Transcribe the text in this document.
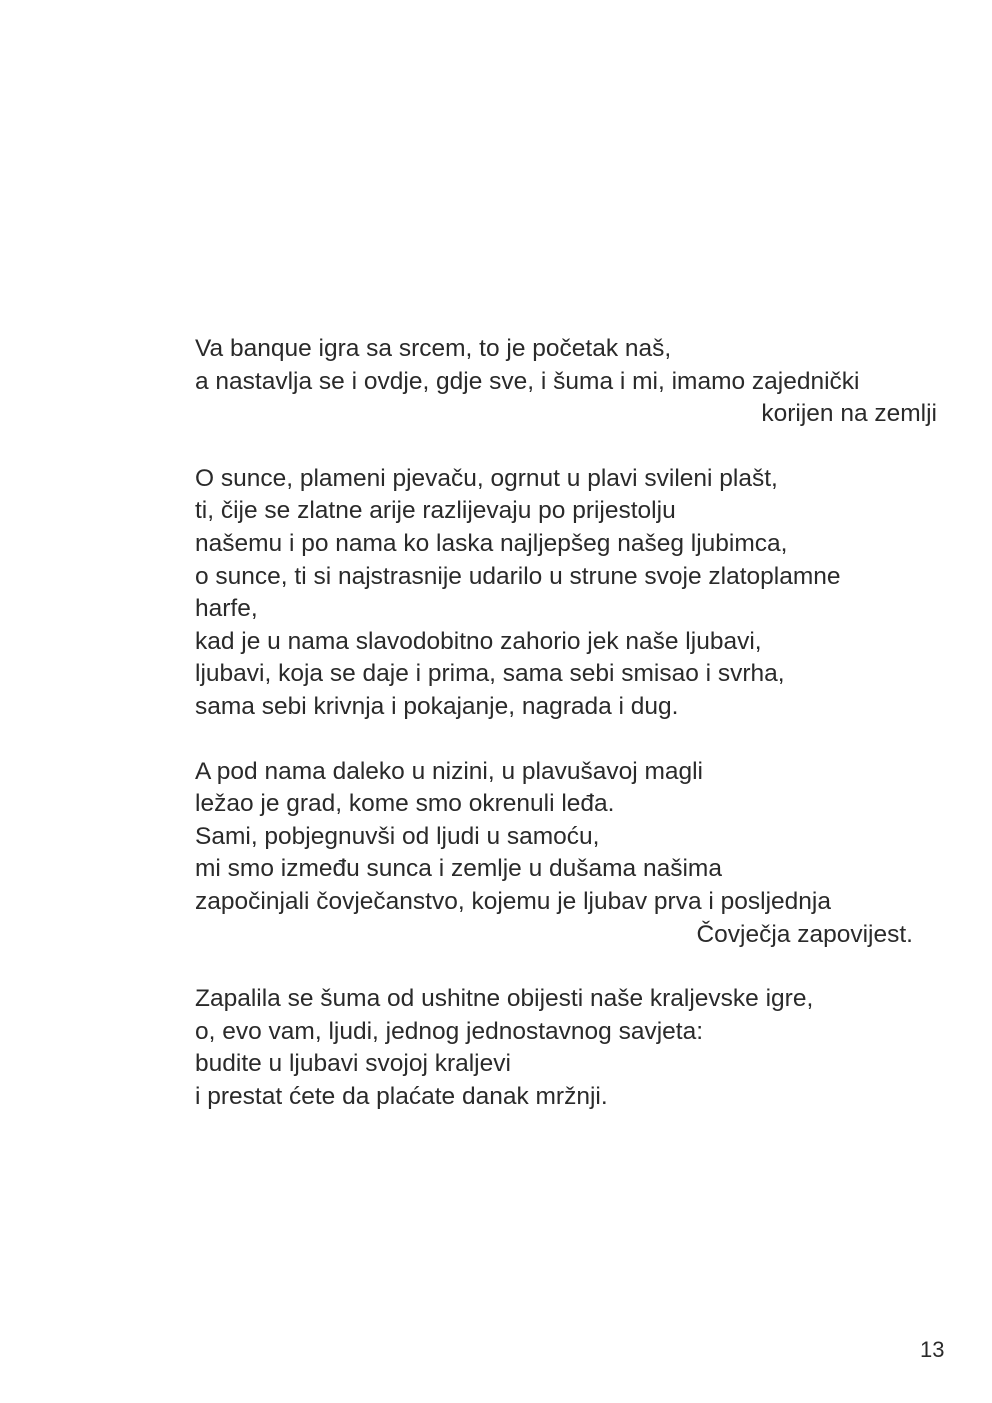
Va banque igra sa srcem, to je početak naš,
a nastavlja se i ovdje, gdje sve, i šuma i mi, imamo zajednički
korijen na zemlji
O sunce, plameni pjevaču, ogrnut u plavi svileni plašt,
ti, čije se zlatne arije razlijevaju po prijestolju
našemu i po nama ko laska najljepšeg našeg ljubimca,
o sunce, ti si najstrasnije udarilo u strune svoje zlatoplamne
harfe,
kad je u nama slavodobitno zahorio jek naše ljubavi,
ljubavi, koja se daje i prima, sama sebi smisao i svrha,
sama sebi krivnja i pokajanje, nagrada i dug.
A pod nama daleko u nizini, u plavušavoj magli
ležao je grad, kome smo okrenuli leđa.
Sami, pobjegnuvši od ljudi u samoću,
mi smo između sunca i zemlje u dušama našima
započinjali čovječanstvo, kojemu je ljubav prva i posljednja
Čovječja zapovijest.
Zapalila se šuma od ushitne obijesti naše kraljevske igre,
o, evo vam, ljudi, jednog jednostavnog savjeta:
budite u ljubavi svojoj kraljevi
i prestat ćete da plaćate danak mržnji.
13
